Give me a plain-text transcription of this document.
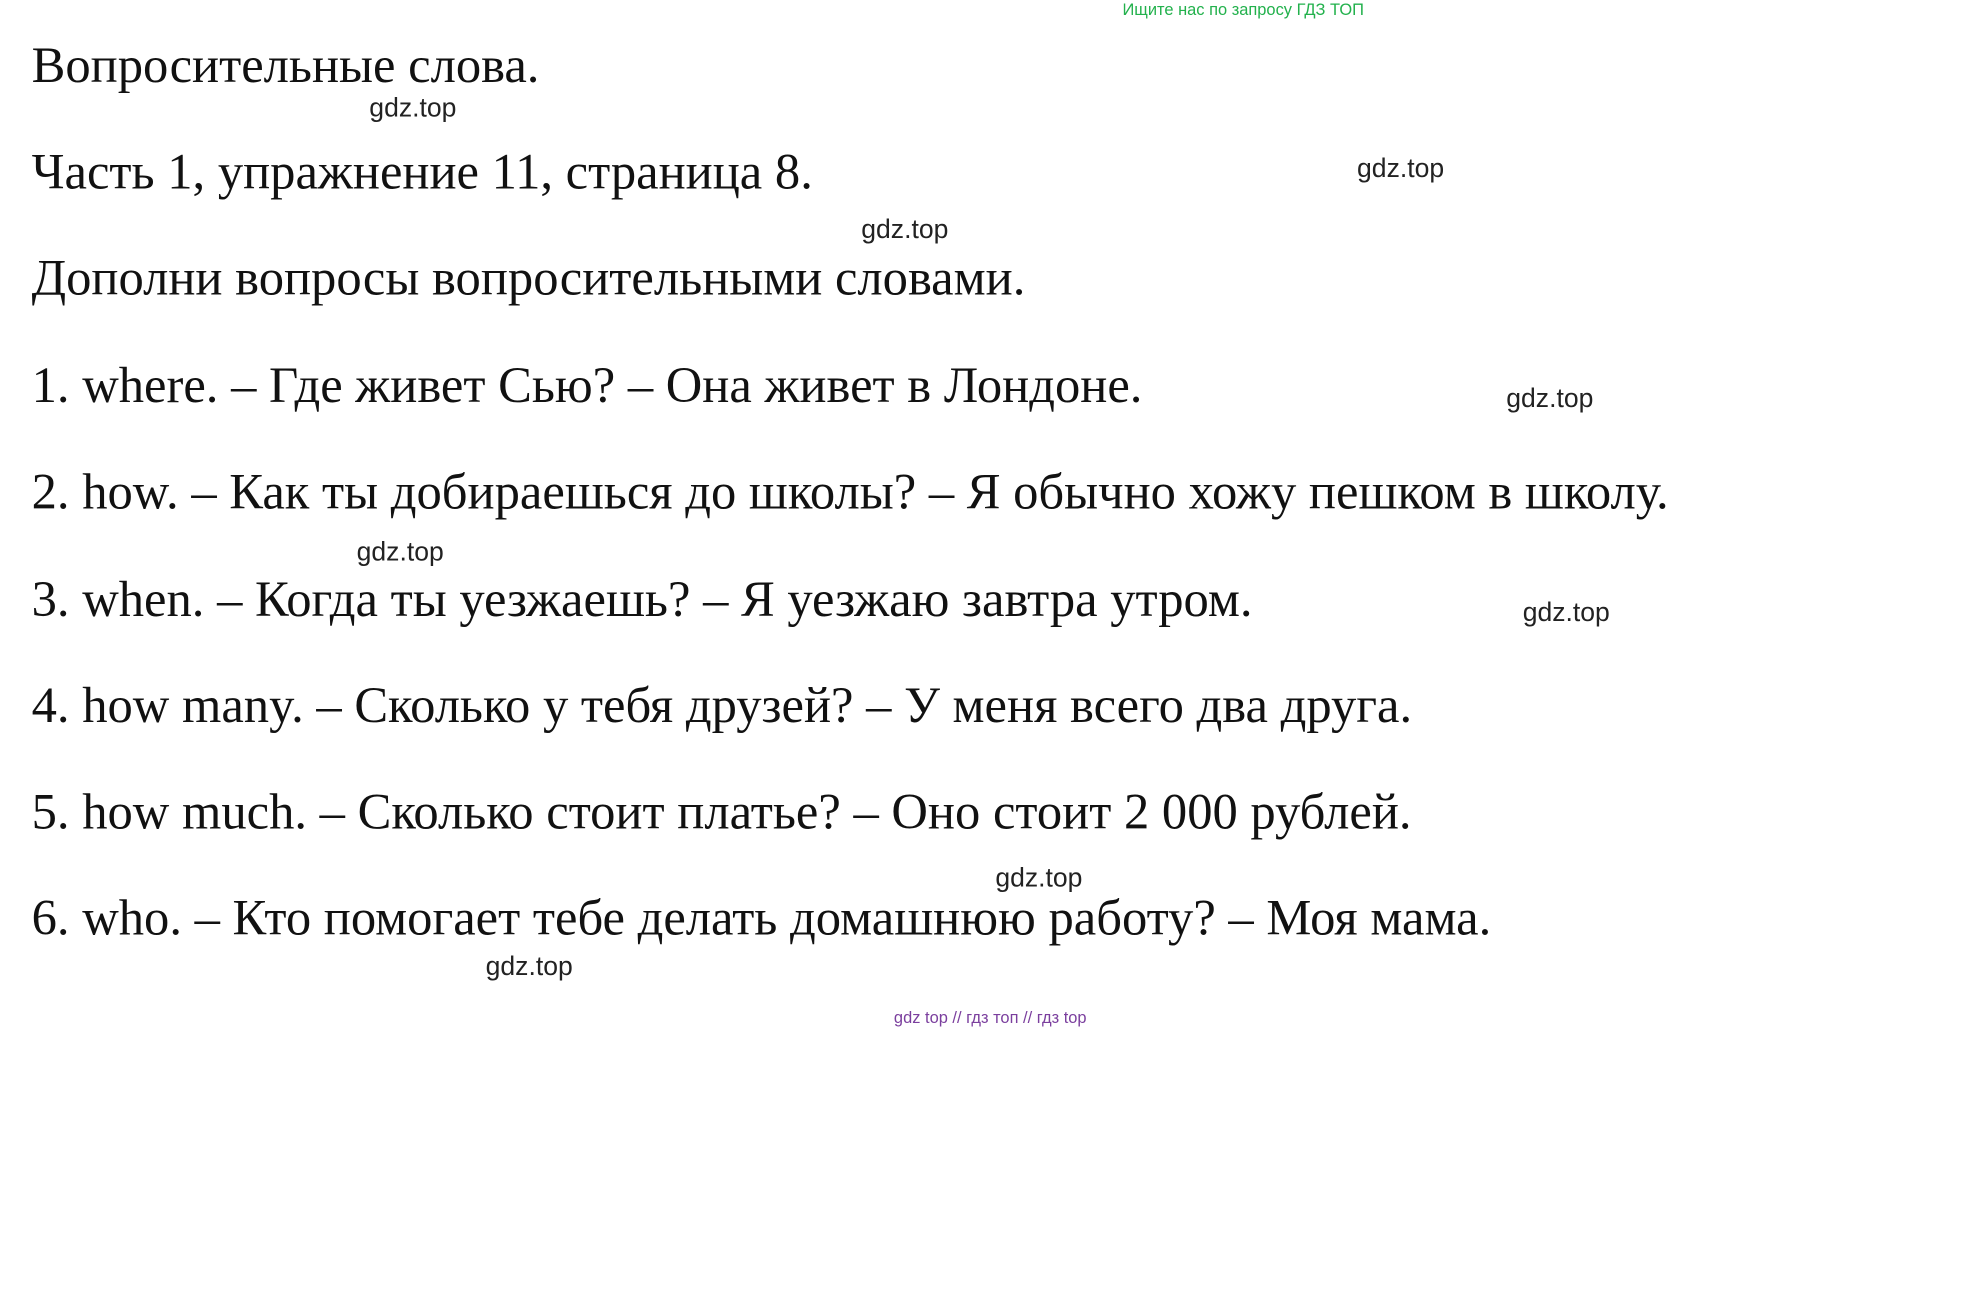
Ищите нас по запросу ГДЗ ТОП
Вопросительные слова.
gdz.top
Часть 1, упражнение 11, страница 8.	gdz.top
gdz.top
Дополни вопросы вопросительными словами.
1. where. – Где живет Сью? – Она живет в Лондоне.	gdz.top
2. how. – Как ты добираешься до школы? – Я обычно хожу пешком в школу.
gdz.top
3. when. – Когда ты уезжаешь? – Я уезжаю завтра утром.	gdz.top
4. how many. – Сколько у тебя друзей? – У меня всего два друга.
5. how much. – Сколько стоит платье? – Оно стоит 2 000 рублей.
gdz.top
6. who. – Кто помогает тебе делать домашнюю работу? – Моя мама.
gdz.top
gdz top // гдз топ // гдз top
